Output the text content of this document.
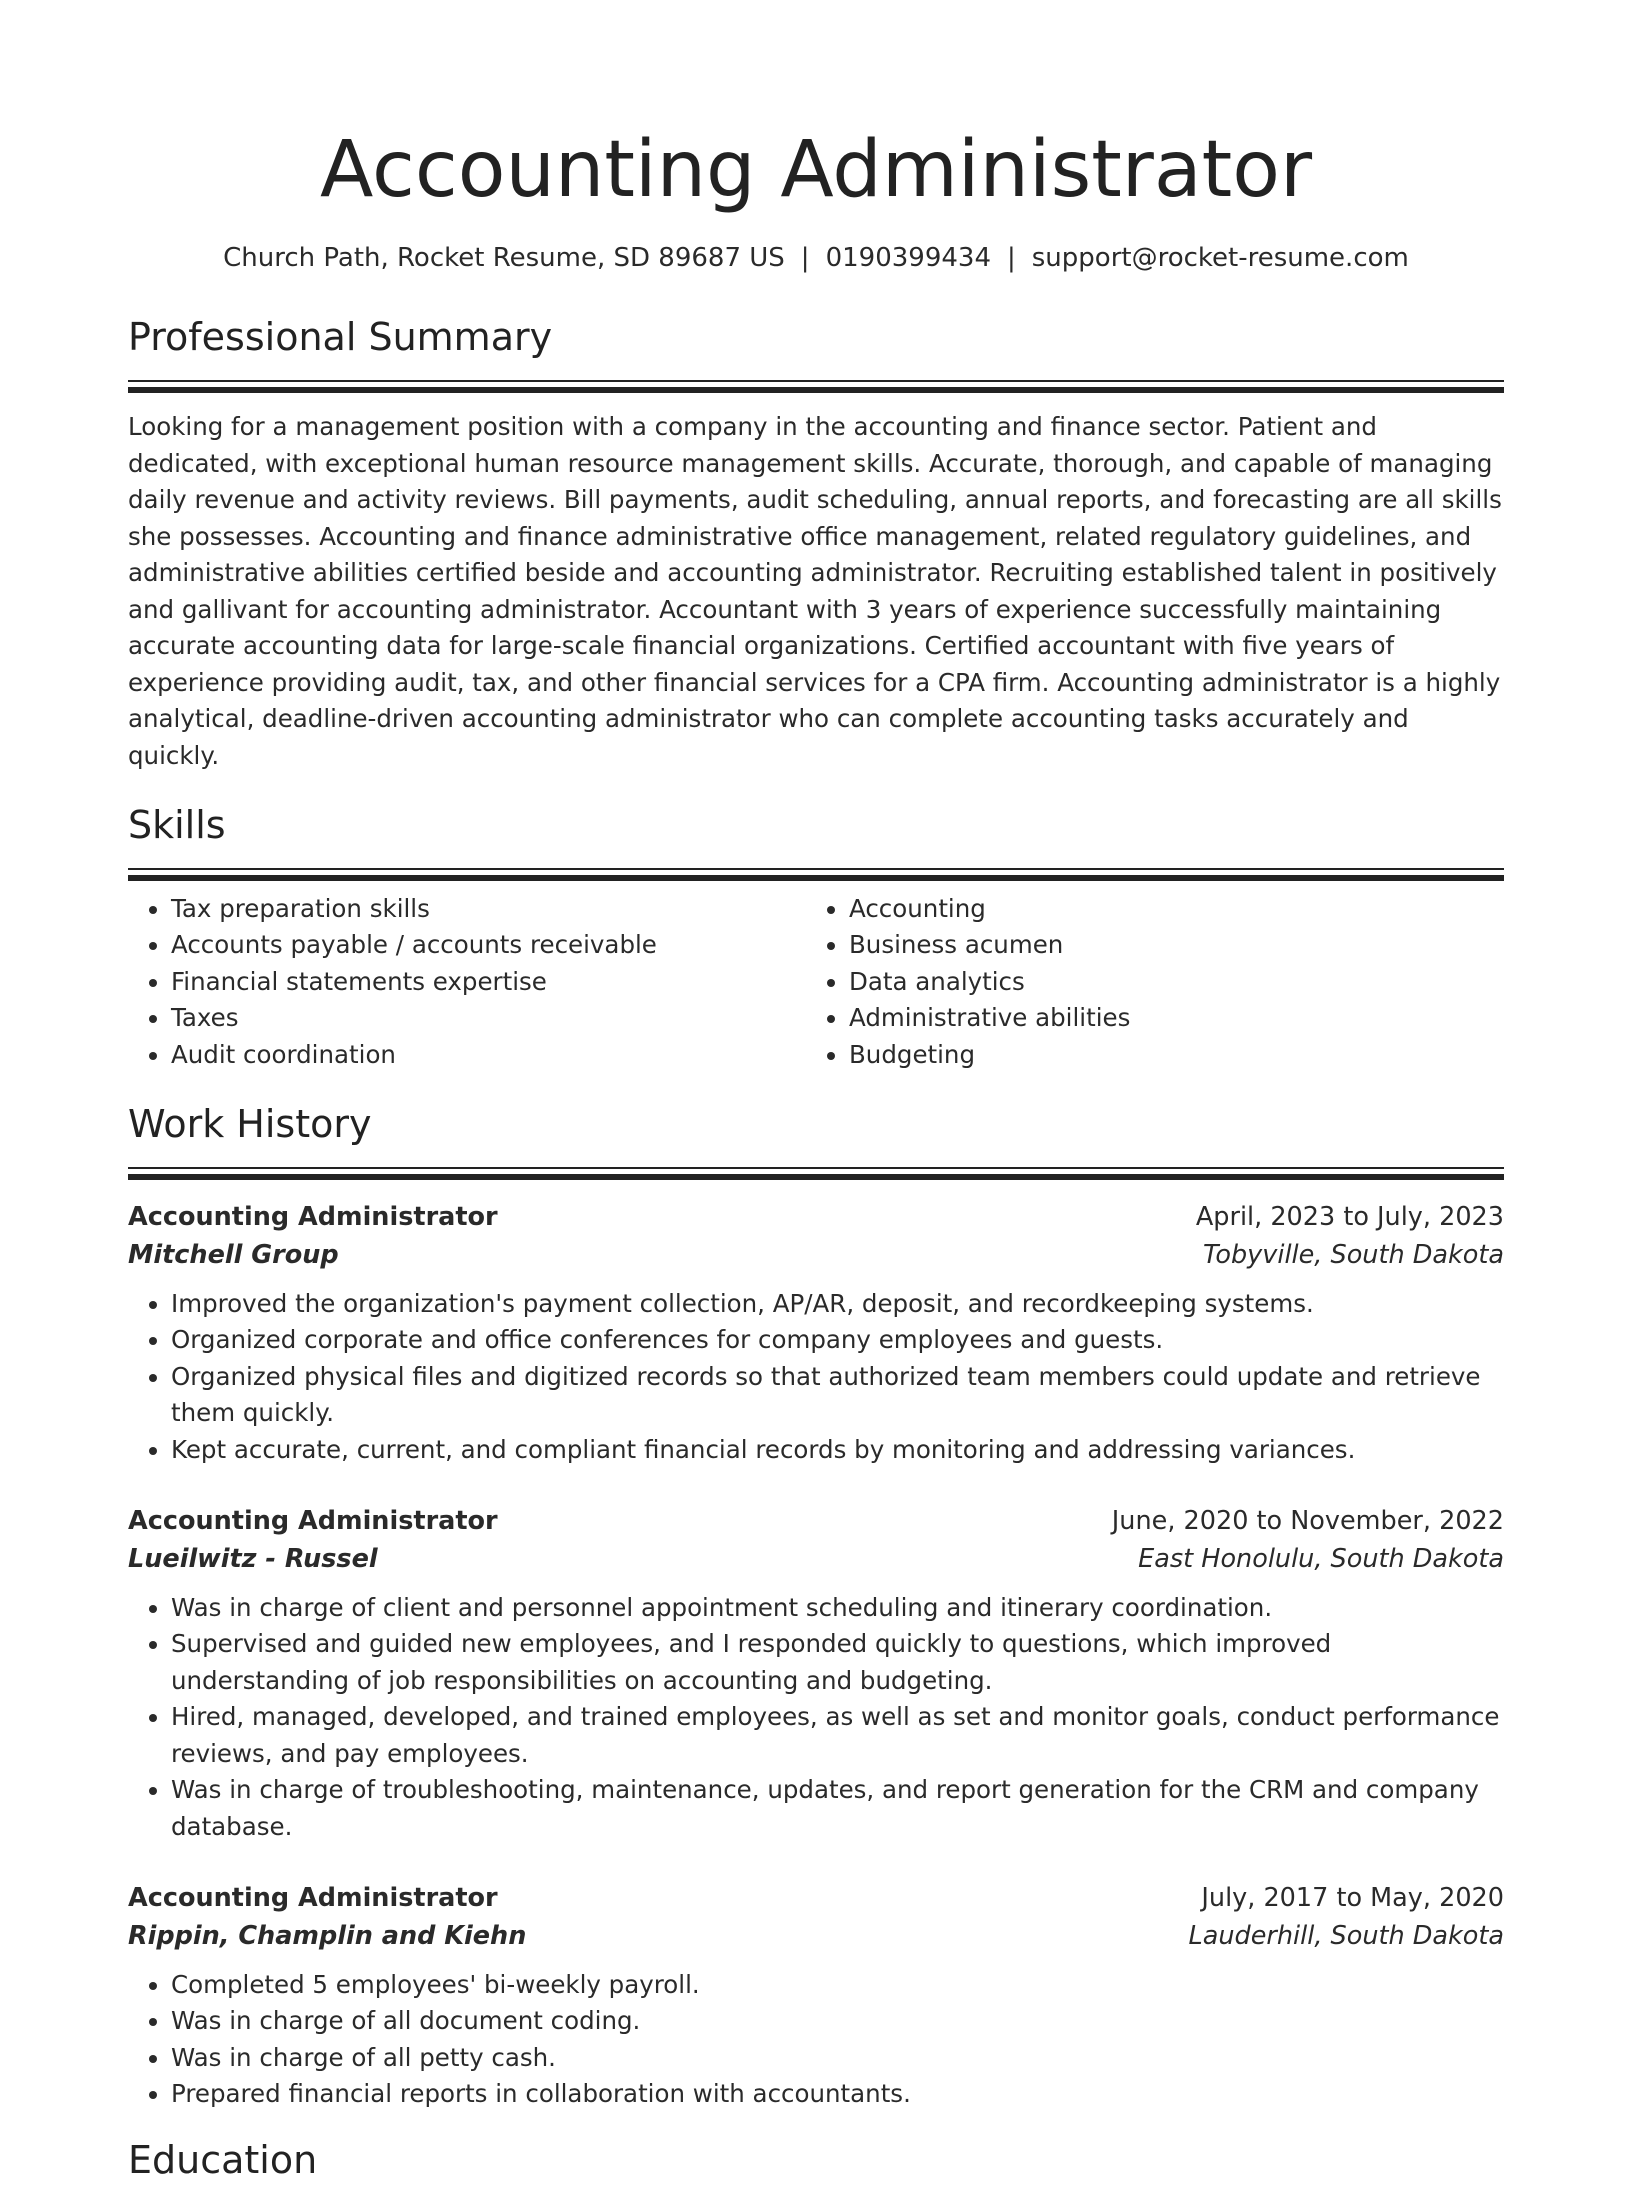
Accounting Administrator
Church Path, Rocket Resume, SD 89687 US | 0190399434 | support@rocket-resume.com
Professional Summary

Looking for a management position with a company in the accounting and finance sector. Patient and dedicated, with exceptional human resource management skills. Accurate, thorough, and capable of managing daily revenue and activity reviews. Bill payments, audit scheduling, annual reports, and forecasting are all skills she possesses. Accounting and finance administrative office management, related regulatory guidelines, and administrative abilities certified beside and accounting administrator. Recruiting established talent in positively and gallivant for accounting administrator. Accountant with 3 years of experience successfully maintaining accurate accounting data for large-scale financial organizations. Certified accountant with five years of experience providing audit, tax, and other financial services for a CPA firm. Accounting administrator is a highly analytical, deadline-driven accounting administrator who can complete accounting tasks accurately and quickly.

Skills
• Tax preparation skills
• Accounts payable / accounts receivable
• Financial statements expertise
• Taxes
• Audit coordination
• Accounting
• Business acumen
• Data analytics
• Administrative abilities
• Budgeting
Work History
Accounting Administrator	April, 2023 to July, 2023
Mitchell Group	Tobyville, South Dakota
• Improved the organization's payment collection, AP/AR, deposit, and recordkeeping systems.
• Organized corporate and office conferences for company employees and guests.
• Organized physical files and digitized records so that authorized team members could update and retrieve them quickly.
• Kept accurate, current, and compliant financial records by monitoring and addressing variances.
Accounting Administrator	June, 2020 to November, 2022
Lueilwitz - Russel	East Honolulu, South Dakota
• Was in charge of client and personnel appointment scheduling and itinerary coordination.
• Supervised and guided new employees, and I responded quickly to questions, which improved understanding of job responsibilities on accounting and budgeting.
• Hired, managed, developed, and trained employees, as well as set and monitor goals, conduct performance reviews, and pay employees.
• Was in charge of troubleshooting, maintenance, updates, and report generation for the CRM and company database.
Accounting Administrator	July, 2017 to May, 2020
Rippin, Champlin and Kiehn	Lauderhill, South Dakota
• Completed 5 employees' bi-weekly payroll.
• Was in charge of all document coding.
• Was in charge of all petty cash.
• Prepared financial reports in collaboration with accountants.
Education
